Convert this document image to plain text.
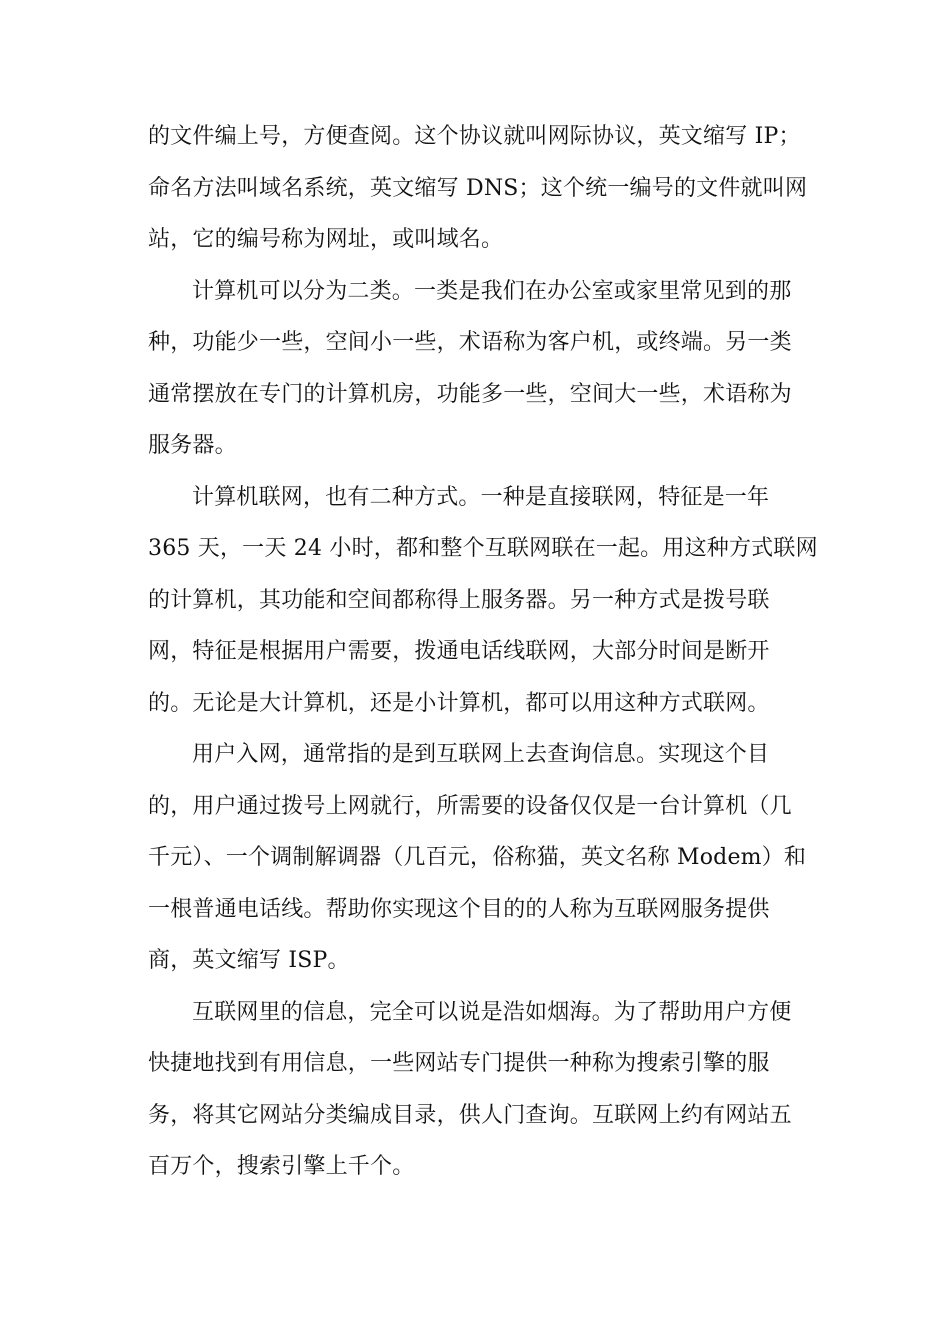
的文件编上号，方便查阅。这个协议就叫网际协议，英文缩写 IP；
命名方法叫域名系统，英文缩写 DNS；这个统一编号的文件就叫网
站，它的编号称为网址，或叫域名。

计算机可以分为二类。一类是我们在办公室或家里常见到的那
种，功能少一些，空间小一些，术语称为客户机，或终端。另一类
通常摆放在专门的计算机房，功能多一些，空间大一些，术语称为
服务器。

计算机联网，也有二种方式。一种是直接联网，特征是一年
365 天，一天 24 小时，都和整个互联网联在一起。用这种方式联网
的计算机，其功能和空间都称得上服务器。另一种方式是拨号联
网，特征是根据用户需要，拨通电话线联网，大部分时间是断开
的。无论是大计算机，还是小计算机，都可以用这种方式联网。

用户入网，通常指的是到互联网上去查询信息。实现这个目
的，用户通过拨号上网就行，所需要的设备仅仅是一台计算机（几
千元）、一个调制解调器（几百元，俗称猫，英文名称 Modem）和
一根普通电话线。帮助你实现这个目的的人称为互联网服务提供
商，英文缩写 ISP。

互联网里的信息，完全可以说是浩如烟海。为了帮助用户方便
快捷地找到有用信息，一些网站专门提供一种称为搜索引擎的服
务，将其它网站分类编成目录，供人门查询。互联网上约有网站五
百万个，搜索引擎上千个。
